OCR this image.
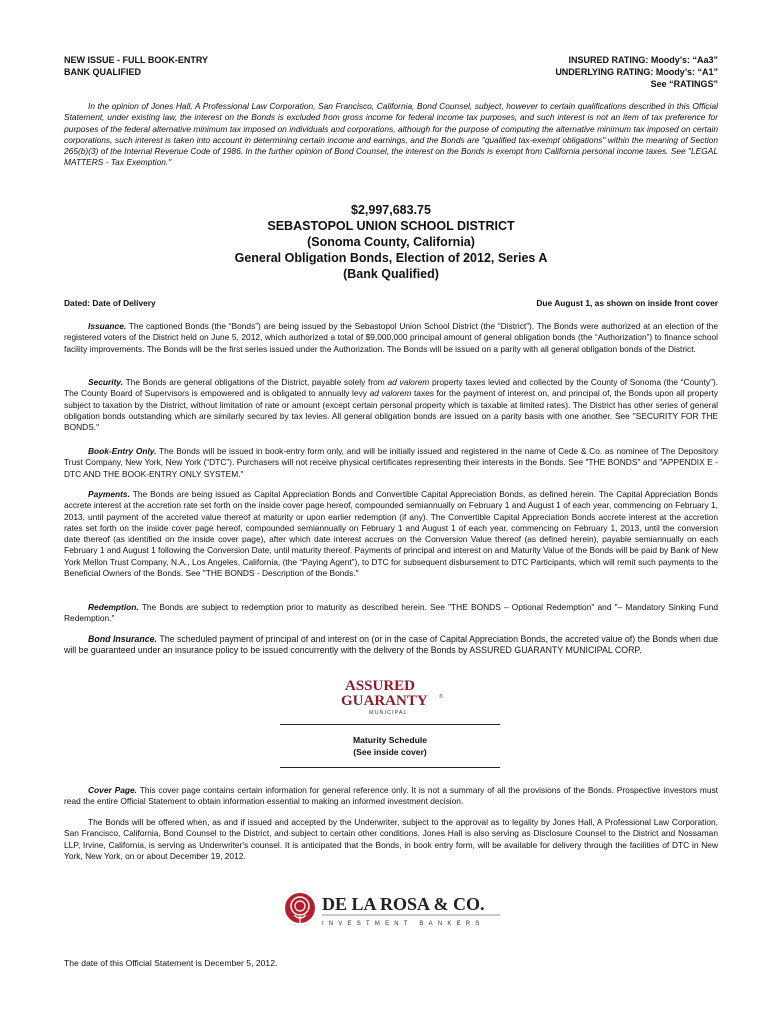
NEW ISSUE - FULL BOOK-ENTRY
BANK QUALIFIED
INSURED RATING: Moody’s: “Aa3”
UNDERLYING RATING: Moody’s: “A1”
See “RATINGS”
In the opinion of Jones Hall, A Professional Law Corporation, San Francisco, California, Bond Counsel, subject, however to certain qualifications described in this Official Statement, under existing law, the interest on the Bonds is excluded from gross income for federal income tax purposes, and such interest is not an item of tax preference for purposes of the federal alternative minimum tax imposed on individuals and corporations, although for the purpose of computing the alternative minimum tax imposed on certain corporations, such interest is taken into account in determining certain income and earnings, and the Bonds are "qualified tax-exempt obligations" within the meaning of Section 265(b)(3) of the Internal Revenue Code of 1986. In the further opinion of Bond Counsel, the interest on the Bonds is exempt from California personal income taxes. See "LEGAL MATTERS - Tax Exemption."
$2,997,683.75
SEBASTOPOL UNION SCHOOL DISTRICT
(Sonoma County, California)
General Obligation Bonds, Election of 2012, Series A
(Bank Qualified)
Dated: Date of Delivery	Due August 1, as shown on inside front cover
Issuance. The captioned Bonds (the “Bonds”) are being issued by the Sebastopol Union School District (the “District”). The Bonds were authorized at an election of the registered voters of the District held on June 5, 2012, which authorized a total of $9,000,000 principal amount of general obligation bonds (the “Authorization”) to finance school facility improvements. The Bonds will be the first series issued under the Authorization. The Bonds will be issued on a parity with all general obligation bonds of the District.
Security. The Bonds are general obligations of the District, payable solely from ad valorem property taxes levied and collected by the County of Sonoma (the “County”). The County Board of Supervisors is empowered and is obligated to annually levy ad valorem taxes for the payment of interest on, and principal of, the Bonds upon all property subject to taxation by the District, without limitation of rate or amount (except certain personal property which is taxable at limited rates). The District has other series of general obligation bonds outstanding which are similarly secured by tax levies. All general obligation bonds are issued on a parity basis with one another. See "SECURITY FOR THE BONDS."
Book-Entry Only. The Bonds will be issued in book-entry form only, and will be initially issued and registered in the name of Cede & Co. as nominee of The Depository Trust Company, New York, New York (“DTC”). Purchasers will not receive physical certificates representing their interests in the Bonds. See "THE BONDS" and "APPENDIX E - DTC AND THE BOOK-ENTRY ONLY SYSTEM."
Payments. The Bonds are being issued as Capital Appreciation Bonds and Convertible Capital Appreciation Bonds, as defined herein. The Capital Appreciation Bonds accrete interest at the accretion rate set forth on the inside cover page hereof, compounded semiannually on February 1 and August 1 of each year, commencing on February 1, 2013, until payment of the accreted value thereof at maturity or upon earlier redemption (if any). The Convertible Capital Appreciation Bonds accrete interest at the accretion rates set forth on the inside cover page hereof, compounded semiannually on February 1 and August 1 of each year, commencing on February 1, 2013, until the conversion date thereof (as identified on the inside cover page), after which date interest accrues on the Conversion Value thereof (as defined herein), payable semiannually on each February 1 and August 1 following the Conversion Date, until maturity thereof. Payments of principal and interest on and Maturity Value of the Bonds will be paid by Bank of New York Mellon Trust Company, N.A., Los Angeles, California, (the “Paying Agent”), to DTC for subsequent disbursement to DTC Participants, which will remit such payments to the Beneficial Owners of the Bonds. See "THE BONDS - Description of the Bonds."
Redemption. The Bonds are subject to redemption prior to maturity as described herein. See "THE BONDS – Optional Redemption" and "– Mandatory Sinking Fund Redemption."
Bond Insurance. The scheduled payment of principal of and interest on (or in the case of Capital Appreciation Bonds, the accreted value of) the Bonds when due will be guaranteed under an insurance policy to be issued concurrently with the delivery of the Bonds by ASSURED GUARANTY MUNICIPAL CORP.
ASSURED
GUARANTY ®
MUNICIPAL
Maturity Schedule
(See inside cover)
Cover Page. This cover page contains certain information for general reference only. It is not a summary of all the provisions of the Bonds. Prospective investors must read the entire Official Statement to obtain information essential to making an informed investment decision.
The Bonds will be offered when, as and if issued and accepted by the Underwriter, subject to the approval as to legality by Jones Hall, A Professional Law Corporation, San Francisco, California, Bond Counsel to the District, and subject to certain other conditions. Jones Hall is also serving as Disclosure Counsel to the District and Nossaman LLP, Irvine, California, is serving as Underwriter's counsel. It is anticipated that the Bonds, in book entry form, will be available for delivery through the facilities of DTC in New York, New York, on or about December 19, 2012.
DE LA ROSA & CO.
INVESTMENT BANKERS
The date of this Official Statement is December 5, 2012.
